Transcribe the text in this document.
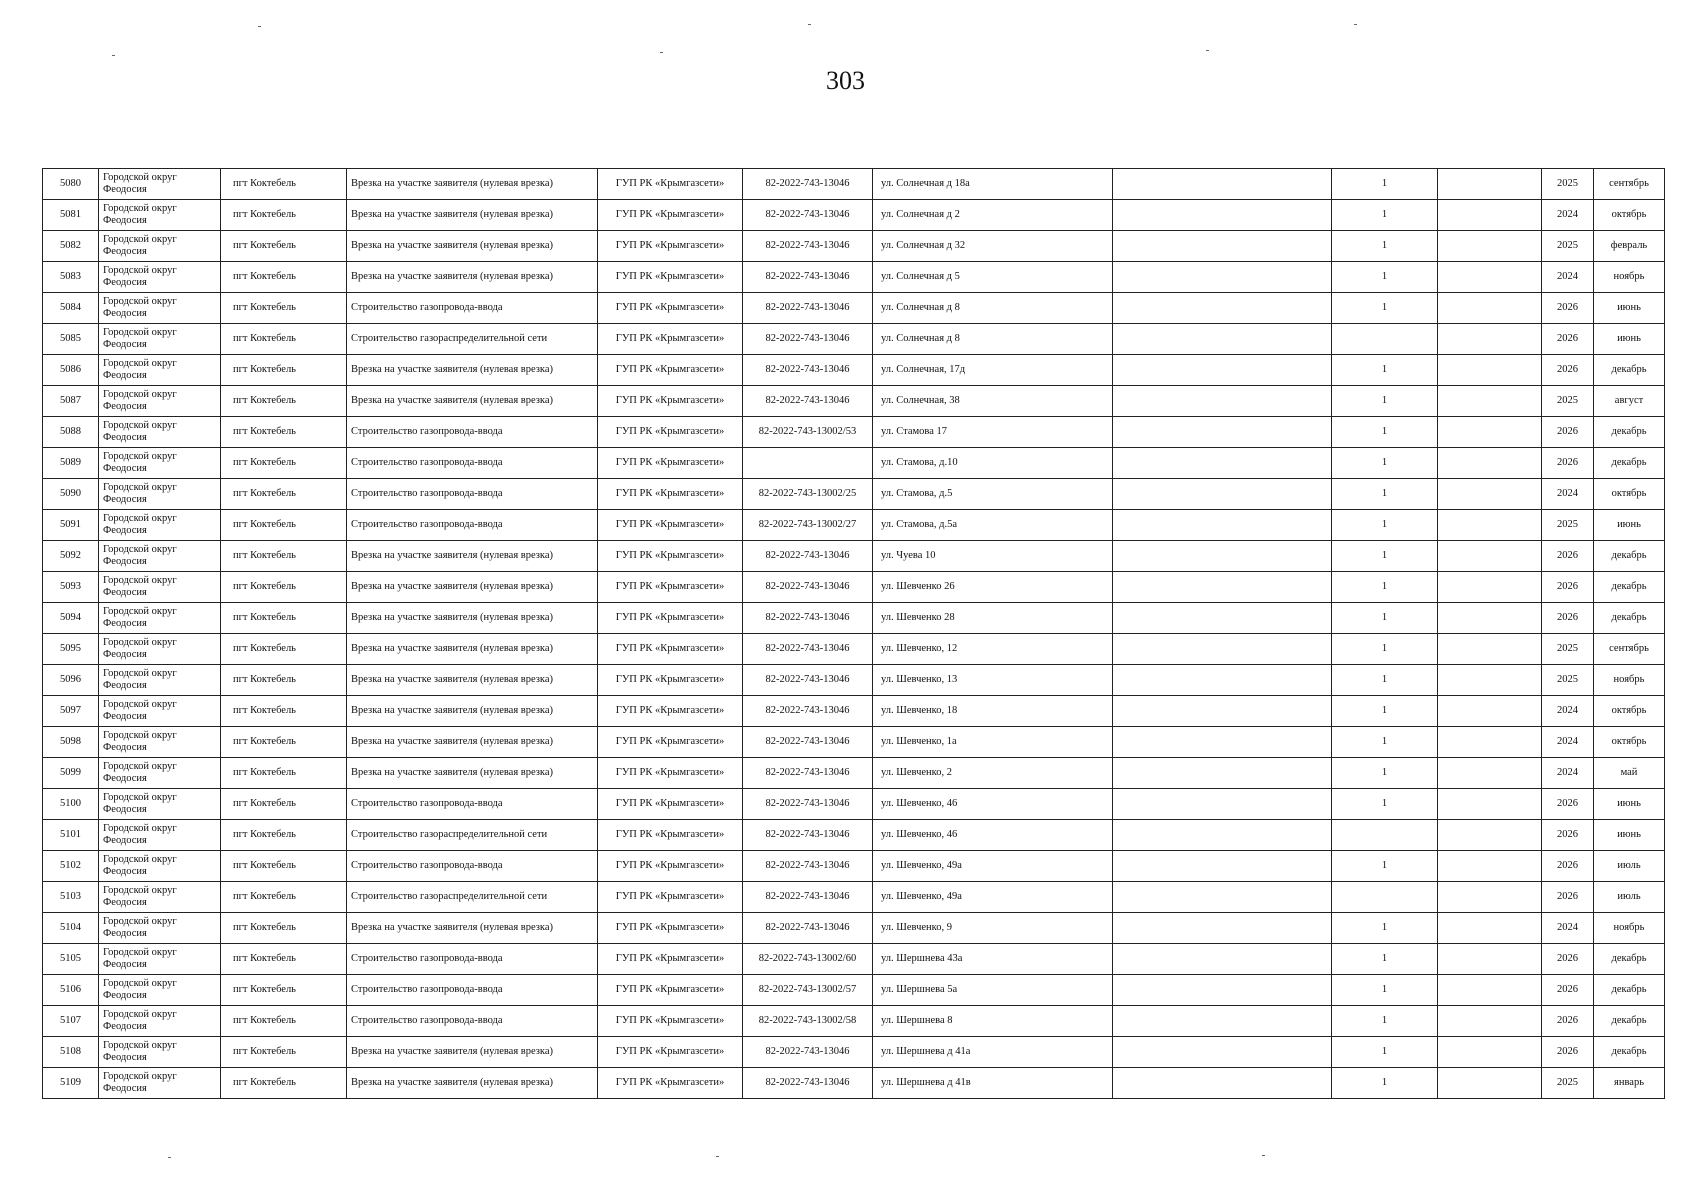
303
5080	Городской округ Феодосия	пгт Коктебель	Врезка на участке заявителя (нулевая врезка)	ГУП РК «Крымгазсети»	82-2022-743-13046	ул. Солнечная д 18а		1		2025	сентябрь
5081	Городской округ Феодосия	пгт Коктебель	Врезка на участке заявителя (нулевая врезка)	ГУП РК «Крымгазсети»	82-2022-743-13046	ул. Солнечная д 2		1		2024	октябрь
5082	Городской округ Феодосия	пгт Коктебель	Врезка на участке заявителя (нулевая врезка)	ГУП РК «Крымгазсети»	82-2022-743-13046	ул. Солнечная д 32		1		2025	февраль
5083	Городской округ Феодосия	пгт Коктебель	Врезка на участке заявителя (нулевая врезка)	ГУП РК «Крымгазсети»	82-2022-743-13046	ул. Солнечная д 5		1		2024	ноябрь
5084	Городской округ Феодосия	пгт Коктебель	Строительство газопровода-ввода	ГУП РК «Крымгазсети»	82-2022-743-13046	ул. Солнечная д 8		1		2026	июнь
5085	Городской округ Феодосия	пгт Коктебель	Строительство газораспределительной сети	ГУП РК «Крымгазсети»	82-2022-743-13046	ул. Солнечная д 8				2026	июнь
5086	Городской округ Феодосия	пгт Коктебель	Врезка на участке заявителя (нулевая врезка)	ГУП РК «Крымгазсети»	82-2022-743-13046	ул. Солнечная, 17д		1		2026	декабрь
5087	Городской округ Феодосия	пгт Коктебель	Врезка на участке заявителя (нулевая врезка)	ГУП РК «Крымгазсети»	82-2022-743-13046	ул. Солнечная, 38		1		2025	август
5088	Городской округ Феодосия	пгт Коктебель	Строительство газопровода-ввода	ГУП РК «Крымгазсети»	82-2022-743-13002/53	ул. Стамова 17		1		2026	декабрь
5089	Городской округ Феодосия	пгт Коктебель	Строительство газопровода-ввода	ГУП РК «Крымгазсети»		ул. Стамова, д.10		1		2026	декабрь
5090	Городской округ Феодосия	пгт Коктебель	Строительство газопровода-ввода	ГУП РК «Крымгазсети»	82-2022-743-13002/25	ул. Стамова, д.5		1		2024	октябрь
5091	Городской округ Феодосия	пгт Коктебель	Строительство газопровода-ввода	ГУП РК «Крымгазсети»	82-2022-743-13002/27	ул. Стамова, д.5а		1		2025	июнь
5092	Городской округ Феодосия	пгт Коктебель	Врезка на участке заявителя (нулевая врезка)	ГУП РК «Крымгазсети»	82-2022-743-13046	ул. Чуева 10		1		2026	декабрь
5093	Городской округ Феодосия	пгт Коктебель	Врезка на участке заявителя (нулевая врезка)	ГУП РК «Крымгазсети»	82-2022-743-13046	ул. Шевченко 26		1		2026	декабрь
5094	Городской округ Феодосия	пгт Коктебель	Врезка на участке заявителя (нулевая врезка)	ГУП РК «Крымгазсети»	82-2022-743-13046	ул. Шевченко 28		1		2026	декабрь
5095	Городской округ Феодосия	пгт Коктебель	Врезка на участке заявителя (нулевая врезка)	ГУП РК «Крымгазсети»	82-2022-743-13046	ул. Шевченко, 12		1		2025	сентябрь
5096	Городской округ Феодосия	пгт Коктебель	Врезка на участке заявителя (нулевая врезка)	ГУП РК «Крымгазсети»	82-2022-743-13046	ул. Шевченко, 13		1		2025	ноябрь
5097	Городской округ Феодосия	пгт Коктебель	Врезка на участке заявителя (нулевая врезка)	ГУП РК «Крымгазсети»	82-2022-743-13046	ул. Шевченко, 18		1		2024	октябрь
5098	Городской округ Феодосия	пгт Коктебель	Врезка на участке заявителя (нулевая врезка)	ГУП РК «Крымгазсети»	82-2022-743-13046	ул. Шевченко, 1а		1		2024	октябрь
5099	Городской округ Феодосия	пгт Коктебель	Врезка на участке заявителя (нулевая врезка)	ГУП РК «Крымгазсети»	82-2022-743-13046	ул. Шевченко, 2		1		2024	май
5100	Городской округ Феодосия	пгт Коктебель	Строительство газопровода-ввода	ГУП РК «Крымгазсети»	82-2022-743-13046	ул. Шевченко, 46		1		2026	июнь
5101	Городской округ Феодосия	пгт Коктебель	Строительство газораспределительной сети	ГУП РК «Крымгазсети»	82-2022-743-13046	ул. Шевченко, 46				2026	июнь
5102	Городской округ Феодосия	пгт Коктебель	Строительство газопровода-ввода	ГУП РК «Крымгазсети»	82-2022-743-13046	ул. Шевченко, 49а		1		2026	июль
5103	Городской округ Феодосия	пгт Коктебель	Строительство газораспределительной сети	ГУП РК «Крымгазсети»	82-2022-743-13046	ул. Шевченко, 49а				2026	июль
5104	Городской округ Феодосия	пгт Коктебель	Врезка на участке заявителя (нулевая врезка)	ГУП РК «Крымгазсети»	82-2022-743-13046	ул. Шевченко, 9		1		2024	ноябрь
5105	Городской округ Феодосия	пгт Коктебель	Строительство газопровода-ввода	ГУП РК «Крымгазсети»	82-2022-743-13002/60	ул. Шершнева 43а		1		2026	декабрь
5106	Городской округ Феодосия	пгт Коктебель	Строительство газопровода-ввода	ГУП РК «Крымгазсети»	82-2022-743-13002/57	ул. Шершнева 5а		1		2026	декабрь
5107	Городской округ Феодосия	пгт Коктебель	Строительство газопровода-ввода	ГУП РК «Крымгазсети»	82-2022-743-13002/58	ул. Шершнева 8		1		2026	декабрь
5108	Городской округ Феодосия	пгт Коктебель	Врезка на участке заявителя (нулевая врезка)	ГУП РК «Крымгазсети»	82-2022-743-13046	ул. Шершнева д 41а		1		2026	декабрь
5109	Городской округ Феодосия	пгт Коктебель	Врезка на участке заявителя (нулевая врезка)	ГУП РК «Крымгазсети»	82-2022-743-13046	ул. Шершнева д 41в		1		2025	январь
